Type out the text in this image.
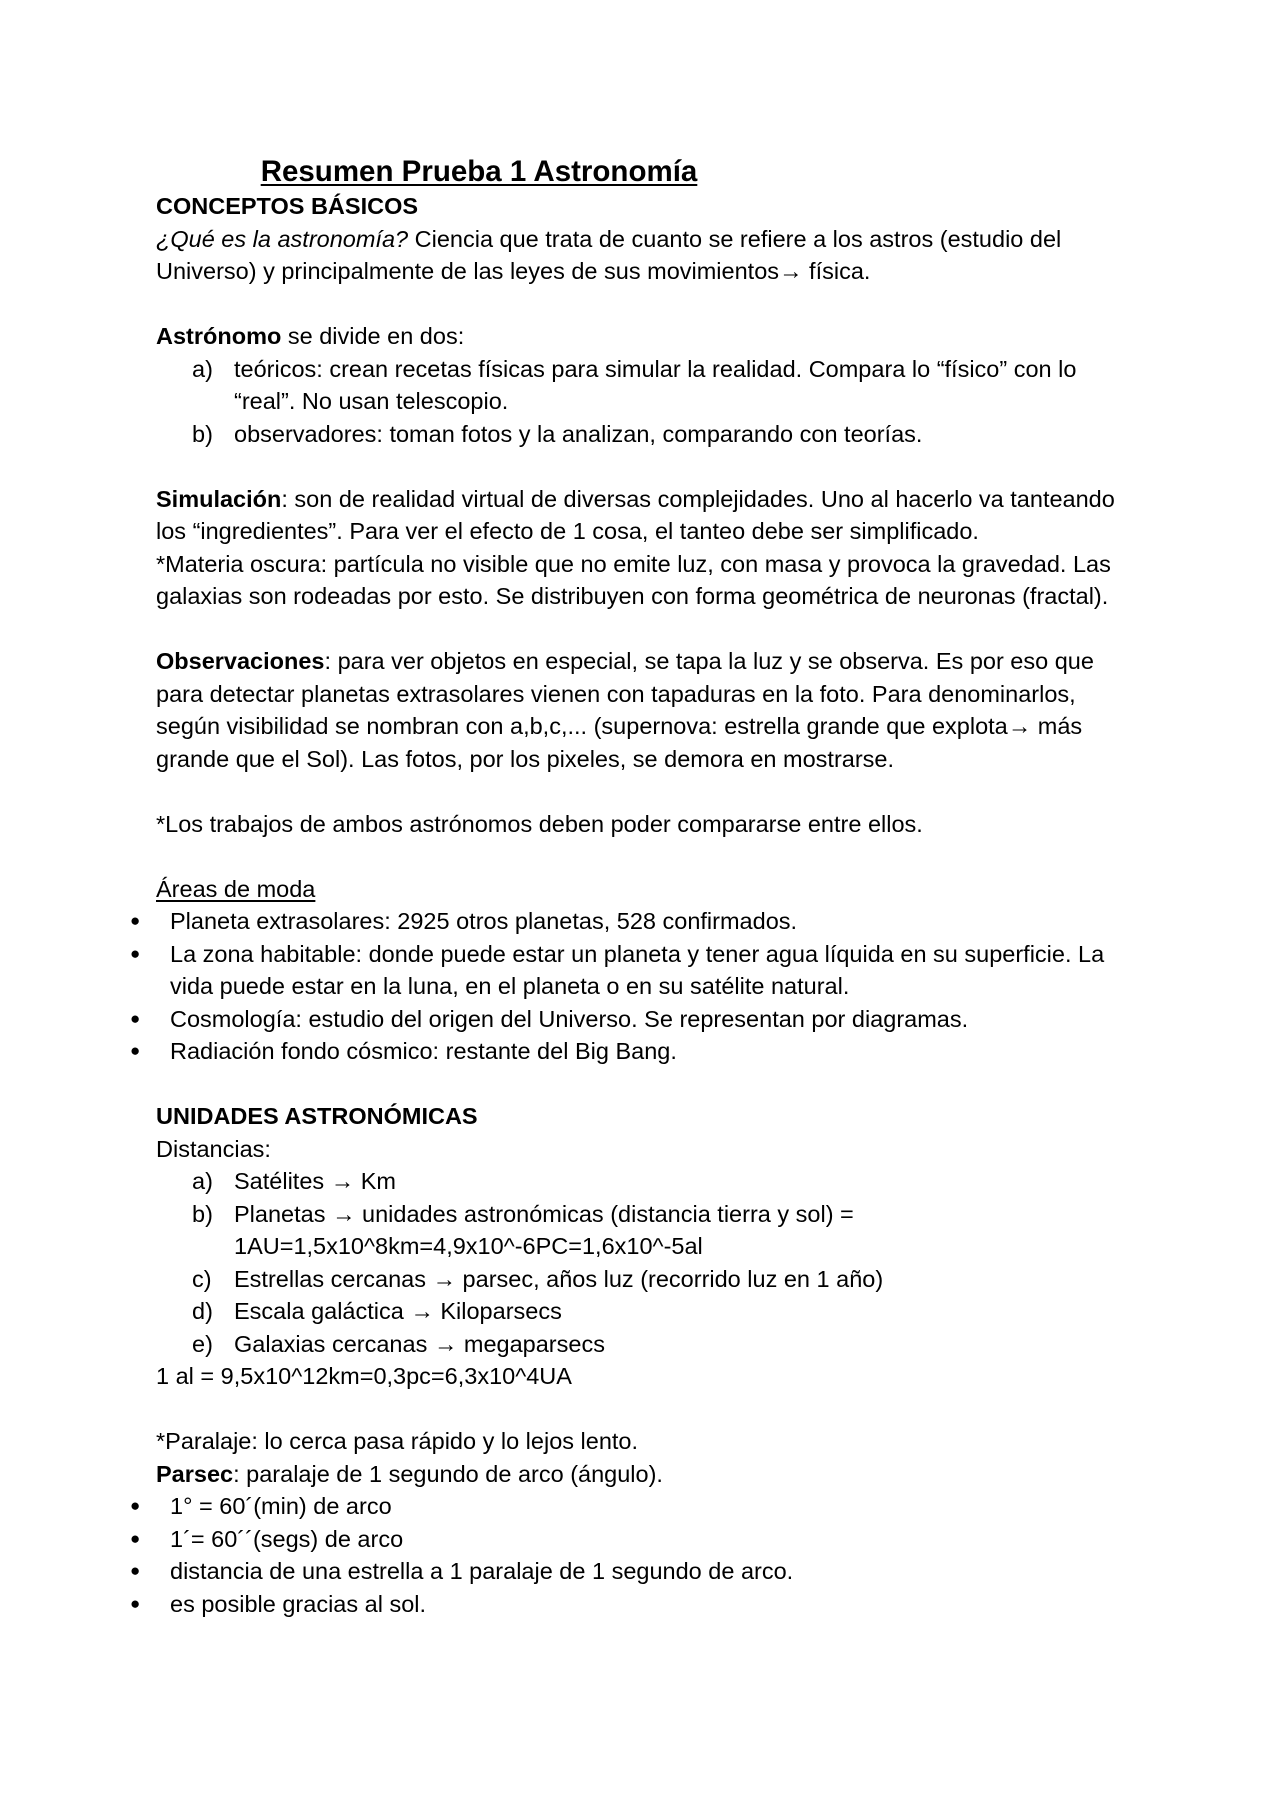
Resumen Prueba 1 Astronomía

CONCEPTOS BÁSICOS

¿Qué es la astronomía? Ciencia que trata de cuanto se refiere a los astros (estudio del

Universo) y principalmente de las leyes de sus movimientos→ física.

Astrónomo se divide en dos:

a) teóricos: crean recetas físicas para simular la realidad. Compara lo “físico” con lo
“real”. No usan telescopio.
b) observadores: toman fotos y la analizan, comparando con teorías.

Simulación: son de realidad virtual de diversas complejidades. Uno al hacerlo va tanteando

los “ingredientes”. Para ver el efecto de 1 cosa, el tanteo debe ser simplificado.

*Materia oscura: partícula no visible que no emite luz, con masa y provoca la gravedad. Las

galaxias son rodeadas por esto. Se distribuyen con forma geométrica de neuronas (fractal).

Observaciones: para ver objetos en especial, se tapa la luz y se observa. Es por eso que

para detectar planetas extrasolares vienen con tapaduras en la foto. Para denominarlos,

según visibilidad se nombran con a,b,c,... (supernova: estrella grande que explota→ más

grande que el Sol). Las fotos, por los pixeles, se demora en mostrarse.

*Los trabajos de ambos astrónomos deben poder compararse entre ellos.

Áreas de moda

● Planeta extrasolares: 2925 otros planetas, 528 confirmados.
● La zona habitable: donde puede estar un planeta y tener agua líquida en su superficie. La
vida puede estar en la luna, en el planeta o en su satélite natural.
● Cosmología: estudio del origen del Universo. Se representan por diagramas.
● Radiación fondo cósmico: restante del Big Bang.

UNIDADES ASTRONÓMICAS

Distancias:

a) Satélites → Km
b) Planetas → unidades astronómicas (distancia tierra y sol) =
1AU=1,5x10^8km=4,9x10^-6PC=1,6x10^-5al
c) Estrellas cercanas → parsec, años luz (recorrido luz en 1 año)
d) Escala galáctica → Kiloparsecs
e) Galaxias cercanas → megaparsecs

1 al = 9,5x10^12km=0,3pc=6,3x10^4UA

*Paralaje: lo cerca pasa rápido y lo lejos lento.

Parsec: paralaje de 1 segundo de arco (ángulo).

● 1° = 60´(min) de arco
● 1´= 60´´(segs) de arco
● distancia de una estrella a 1 paralaje de 1 segundo de arco.
● es posible gracias al sol.
